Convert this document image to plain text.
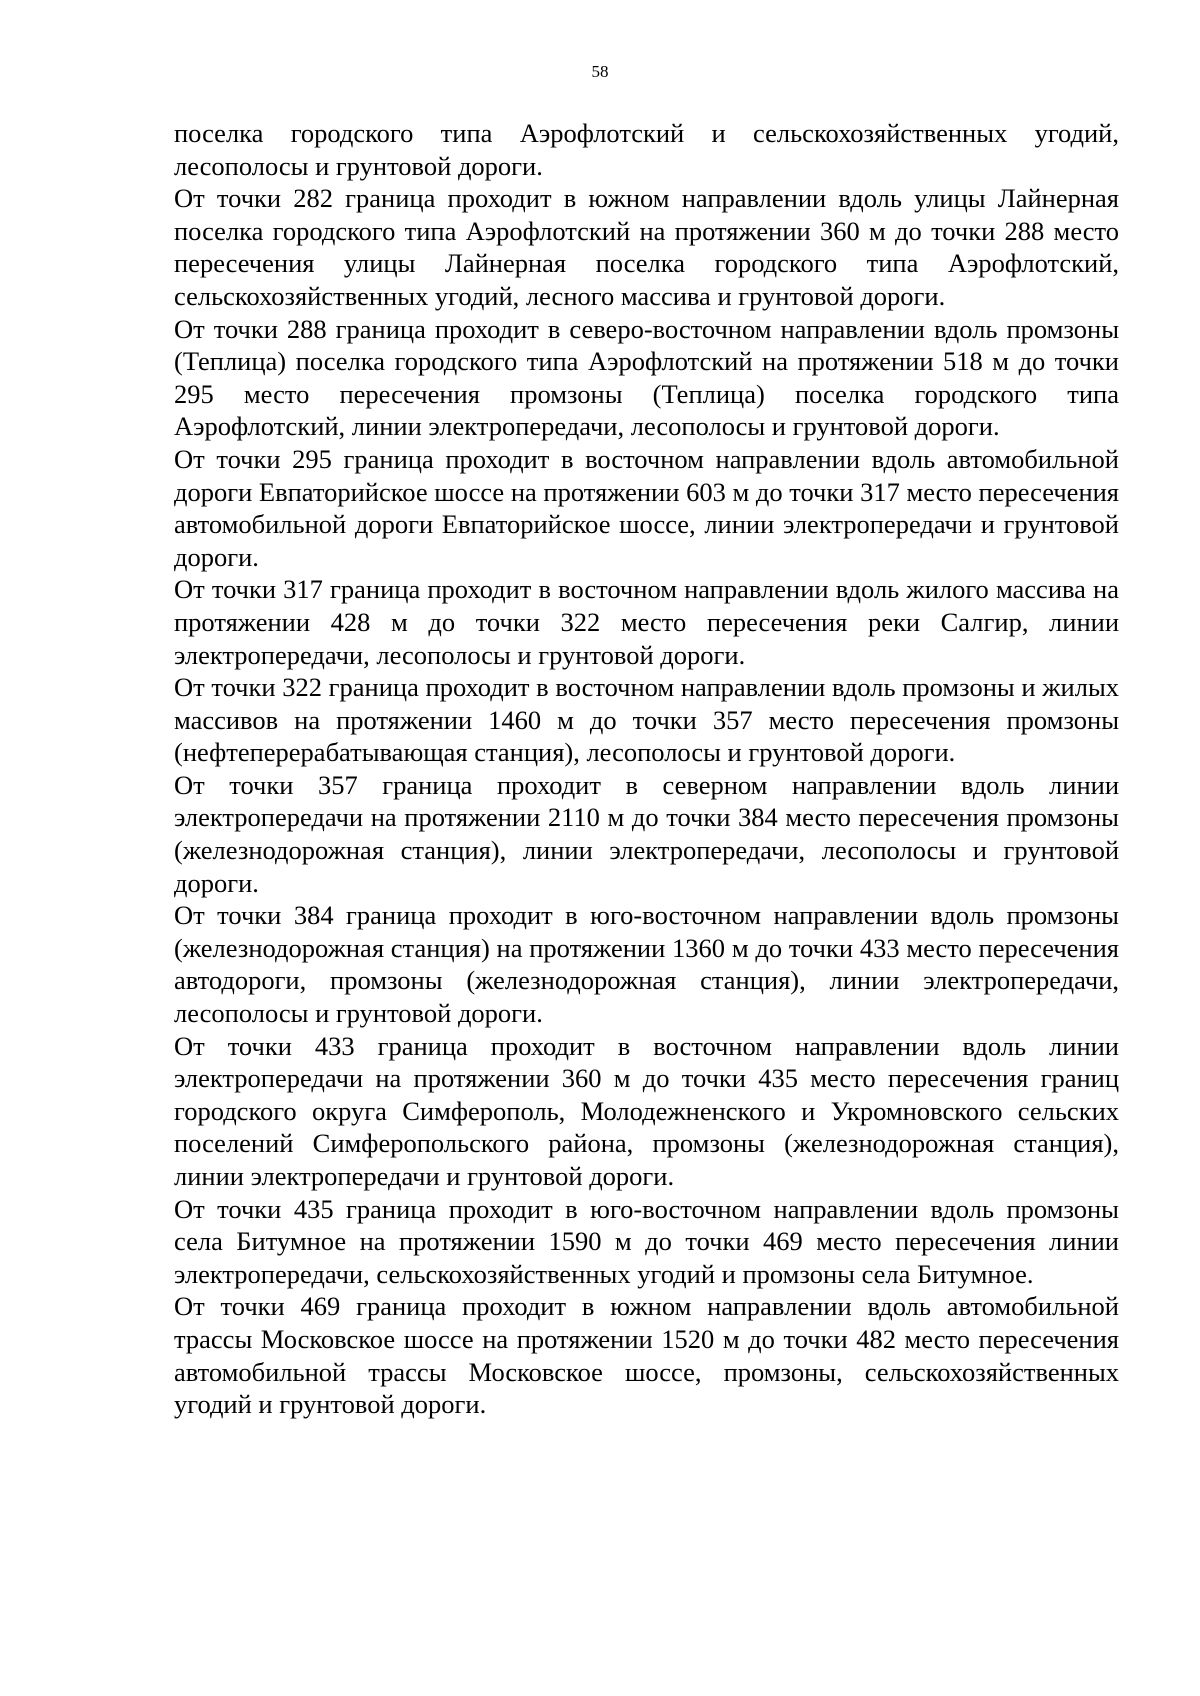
58

поселка городского типа Аэрофлотский и сельскохозяйственных угодий, лесополосы и грунтовой дороги.

От точки 282 граница проходит в южном направлении вдоль улицы Лайнерная поселка городского типа Аэрофлотский на протяжении 360 м до точки 288 место пересечения улицы Лайнерная поселка городского типа Аэрофлотский, сельскохозяйственных угодий, лесного массива и грунтовой дороги.

От точки 288 граница проходит в северо-восточном направлении вдоль промзоны (Теплица) поселка городского типа Аэрофлотский на протяжении 518 м до точки 295 место пересечения промзоны (Теплица) поселка городского типа Аэрофлотский, линии электропередачи, лесополосы и грунтовой дороги.

От точки 295 граница проходит в восточном направлении вдоль автомобильной дороги Евпаторийское шоссе на протяжении 603 м до точки 317 место пересечения автомобильной дороги Евпаторийское шоссе, линии электропередачи и грунтовой дороги.

От точки 317 граница проходит в восточном направлении вдоль жилого массива на протяжении 428 м до точки 322 место пересечения реки Салгир, линии электропередачи, лесополосы и грунтовой дороги.

От точки 322 граница проходит в восточном направлении вдоль промзоны и жилых массивов на протяжении 1460 м до точки 357 место пересечения промзоны (нефтеперерабатывающая станция), лесополосы и грунтовой дороги.

От точки 357 граница проходит в северном направлении вдоль линии электропередачи на протяжении 2110 м до точки 384 место пересечения промзоны (железнодорожная станция), линии электропередачи, лесополосы и грунтовой дороги.

От точки 384 граница проходит в юго-восточном направлении вдоль промзоны (железнодорожная станция) на протяжении 1360 м до точки 433 место пересечения автодороги, промзоны (железнодорожная станция), линии электропередачи, лесополосы и грунтовой дороги.

От точки 433 граница проходит в восточном направлении вдоль линии электропередачи на протяжении 360 м до точки 435 место пересечения границ городского округа Симферополь, Молодежненского и Укромновского сельских поселений Симферопольского района, промзоны (железнодорожная станция), линии электропередачи и грунтовой дороги.

От точки 435 граница проходит в юго-восточном направлении вдоль промзоны села Битумное на протяжении 1590 м до точки 469 место пересечения линии электропередачи, сельскохозяйственных угодий и промзоны села Битумное.

От точки 469 граница проходит в южном направлении вдоль автомобильной трассы Московское шоссе на протяжении 1520 м до точки 482 место пересечения автомобильной трассы Московское шоссе, промзоны, сельскохозяйственных угодий и грунтовой дороги.
